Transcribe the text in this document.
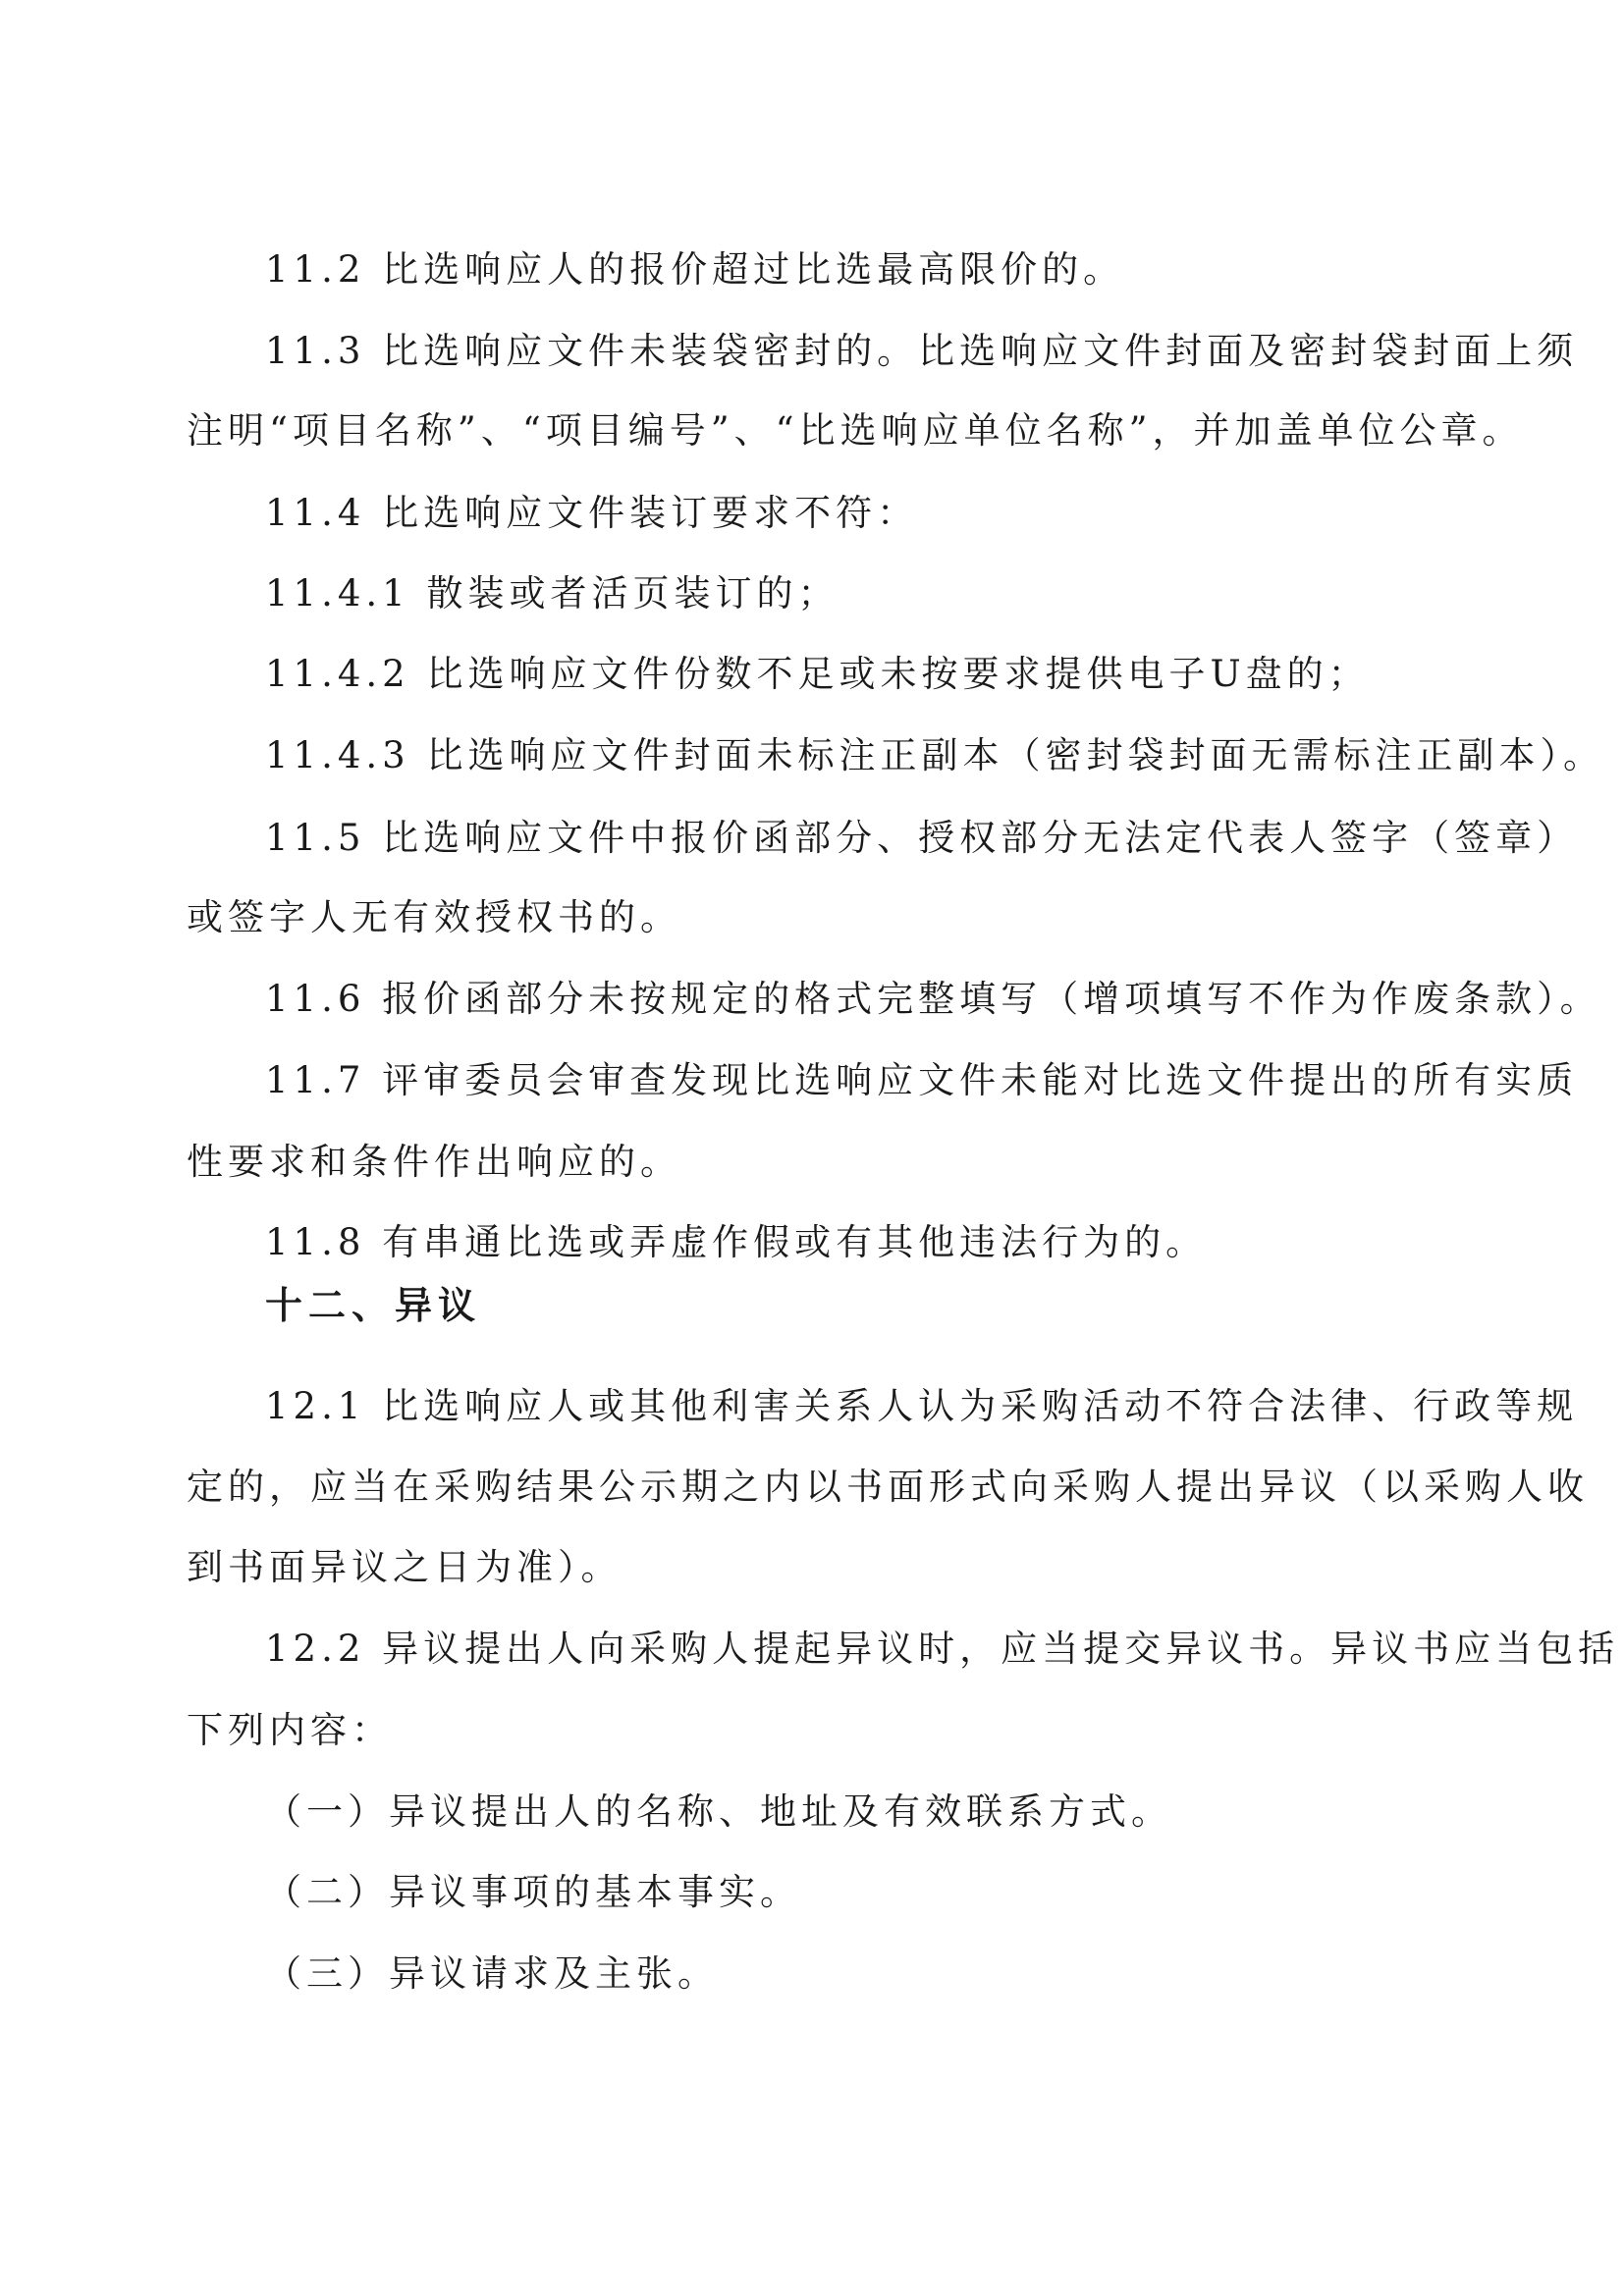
11.2 比选响应人的报价超过比选最高限价的。

11.3 比选响应文件未装袋密封的。比选响应文件封面及密封袋封面上须

注明“项目名称”、“项目编号”、“比选响应单位名称”，并加盖单位公章。

11.4 比选响应文件装订要求不符：

11.4.1 散装或者活页装订的；

11.4.2 比选响应文件份数不足或未按要求提供电子U盘的；

11.4.3 比选响应文件封面未标注正副本（密封袋封面无需标注正副本）。

11.5 比选响应文件中报价函部分、授权部分无法定代表人签字（签章）

或签字人无有效授权书的。

11.6 报价函部分未按规定的格式完整填写（增项填写不作为作废条款）。

11.7 评审委员会审查发现比选响应文件未能对比选文件提出的所有实质

性要求和条件作出响应的。

11.8 有串通比选或弄虚作假或有其他违法行为的。

十二、异议

12.1 比选响应人或其他利害关系人认为采购活动不符合法律、行政等规

定的，应当在采购结果公示期之内以书面形式向采购人提出异议（以采购人收

到书面异议之日为准）。

12.2 异议提出人向采购人提起异议时，应当提交异议书。异议书应当包括

下列内容：

（一）异议提出人的名称、地址及有效联系方式。

（二）异议事项的基本事实。

（三）异议请求及主张。
